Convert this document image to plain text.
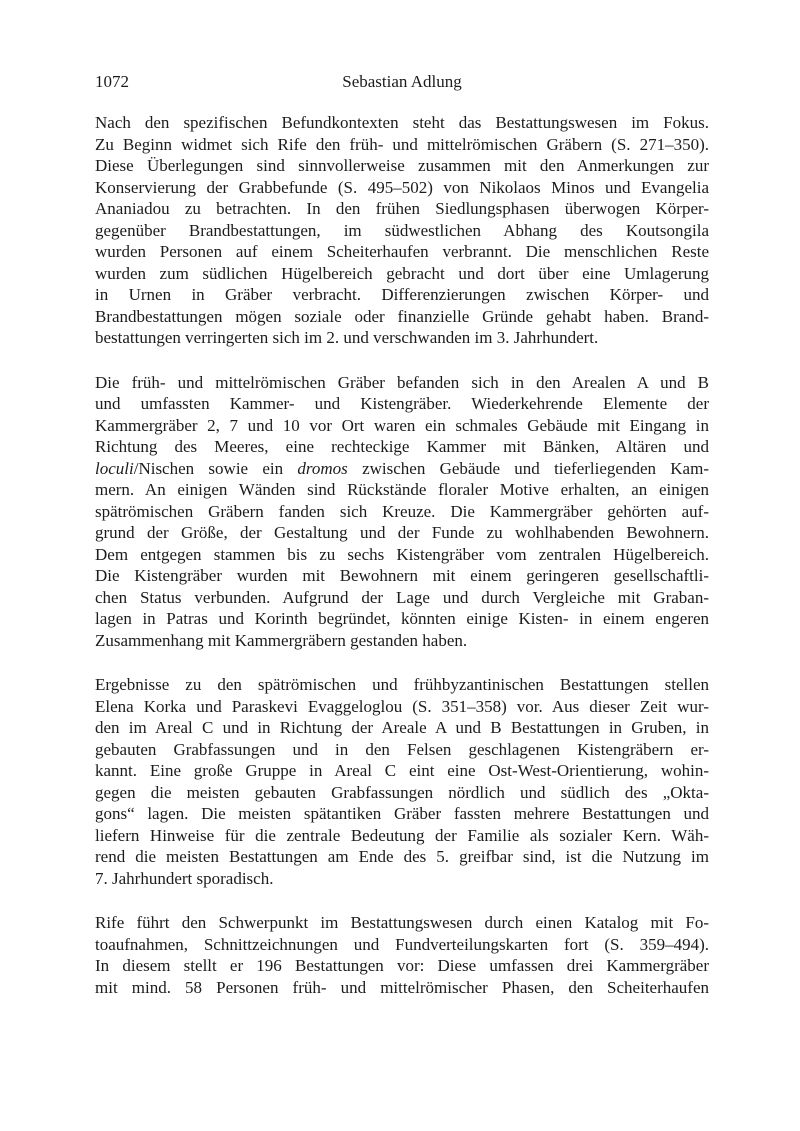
1072	Sebastian Adlung
Nach den spezifischen Befundkontexten steht das Bestattungswesen im Fokus.
Zu Beginn widmet sich Rife den früh- und mittelrömischen Gräbern (S. 271–350).
Diese Überlegungen sind sinnvollerweise zusammen mit den Anmerkungen zur
Konservierung der Grabbefunde (S. 495–502) von Nikolaos Minos und Evangelia
Ananiadou zu betrachten. In den frühen Siedlungsphasen überwogen Körper-
gegenüber Brandbestattungen, im südwestlichen Abhang des Koutsongila
wurden Personen auf einem Scheiterhaufen verbrannt. Die menschlichen Reste
wurden zum südlichen Hügelbereich gebracht und dort über eine Umlagerung
in Urnen in Gräber verbracht. Differenzierungen zwischen Körper- und
Brandbestattungen mögen soziale oder finanzielle Gründe gehabt haben. Brand-
bestattungen verringerten sich im 2. und verschwanden im 3. Jahrhundert.
Die früh- und mittelrömischen Gräber befanden sich in den Arealen A und B
und umfassten Kammer- und Kistengräber. Wiederkehrende Elemente der
Kammergräber 2, 7 und 10 vor Ort waren ein schmales Gebäude mit Eingang in
Richtung des Meeres, eine rechteckige Kammer mit Bänken, Altären und
loculi/Nischen sowie ein dromos zwischen Gebäude und tieferliegenden Kam-
mern. An einigen Wänden sind Rückstände floraler Motive erhalten, an einigen
spätrömischen Gräbern fanden sich Kreuze. Die Kammergräber gehörten auf-
grund der Größe, der Gestaltung und der Funde zu wohlhabenden Bewohnern.
Dem entgegen stammen bis zu sechs Kistengräber vom zentralen Hügelbereich.
Die Kistengräber wurden mit Bewohnern mit einem geringeren gesellschaftli-
chen Status verbunden. Aufgrund der Lage und durch Vergleiche mit Graban-
lagen in Patras und Korinth begründet, könnten einige Kisten- in einem engeren
Zusammenhang mit Kammergräbern gestanden haben.
Ergebnisse zu den spätrömischen und frühbyzantinischen Bestattungen stellen
Elena Korka und Paraskevi Evaggeloglou (S. 351–358) vor. Aus dieser Zeit wur-
den im Areal C und in Richtung der Areale A und B Bestattungen in Gruben, in
gebauten Grabfassungen und in den Felsen geschlagenen Kistengräbern er-
kannt. Eine große Gruppe in Areal C eint eine Ost-West-Orientierung, wohin-
gegen die meisten gebauten Grabfassungen nördlich und südlich des „Okta-
gons“ lagen. Die meisten spätantiken Gräber fassten mehrere Bestattungen und
liefern Hinweise für die zentrale Bedeutung der Familie als sozialer Kern. Wäh-
rend die meisten Bestattungen am Ende des 5. greifbar sind, ist die Nutzung im
7. Jahrhundert sporadisch.
Rife führt den Schwerpunkt im Bestattungswesen durch einen Katalog mit Fo-
toaufnahmen, Schnittzeichnungen und Fundverteilungskarten fort (S. 359–494).
In diesem stellt er 196 Bestattungen vor: Diese umfassen drei Kammergräber
mit mind. 58 Personen früh- und mittelrömischer Phasen, den Scheiterhaufen
